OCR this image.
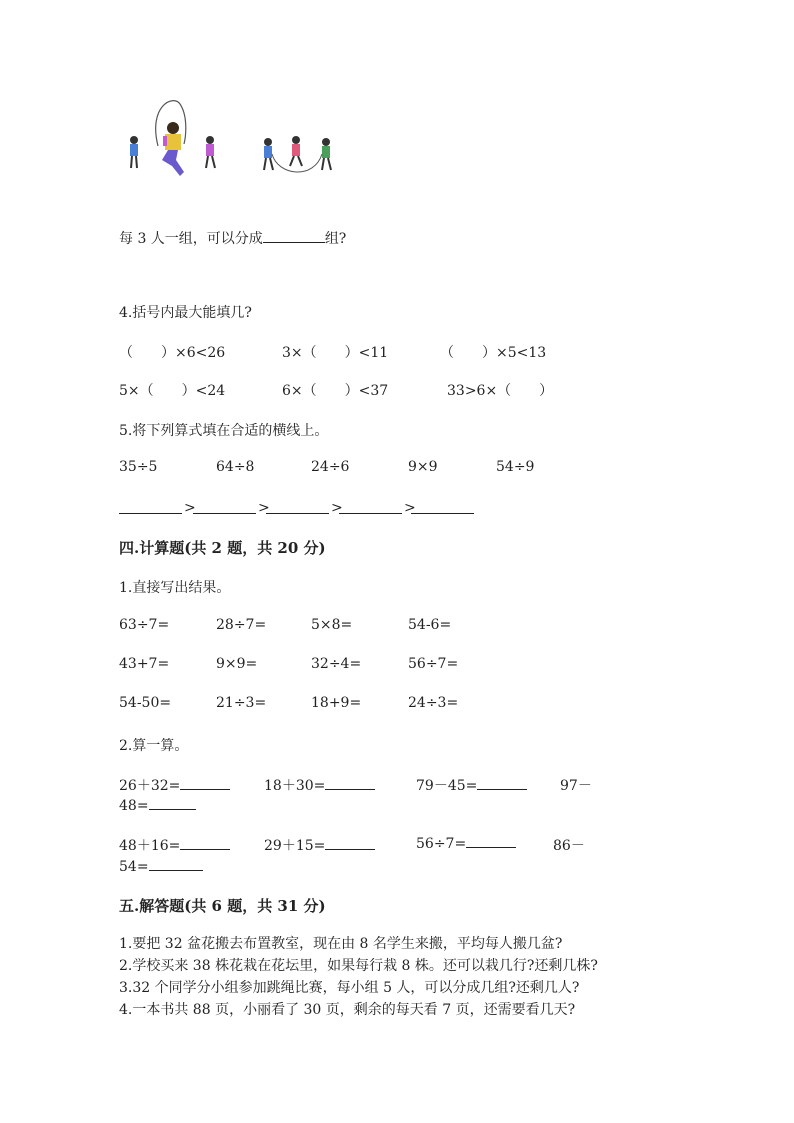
每 3 人一组，可以分成	组?
4.括号内最大能填几?
（　　）×6<26	3×（　　）<11	（　　）×5<13
5×（　　）<24	6×（　　）<37	33>6×（　　）
5.将下列算式填在合适的横线上。
35÷5	64÷8	24÷6	9×9	54÷9
>	>	>	>
四.计算题(共 2 题，共 20 分)
1.直接写出结果。
63÷7=	28÷7=	5×8=	54-6=
43+7=	9×9=	32÷4=	56÷7=
54-50=	21÷3=	18+9=	24÷3=
2.算一算。
26＋32=	18＋30=	79－45=	97－
48=
48＋16=	29＋15=	56÷7=	86－
54=
五.解答题(共 6 题，共 31 分)
1.要把 32 盆花搬去布置教室，现在由 8 名学生来搬，平均每人搬几盆?
2.学校买来 38 株花栽在花坛里，如果每行栽 8 株。还可以栽几行?还剩几株?
3.32 个同学分小组参加跳绳比赛，每小组 5 人，可以分成几组?还剩几人?
4.一本书共 88 页，小丽看了 30 页，剩余的每天看 7 页，还需要看几天?
